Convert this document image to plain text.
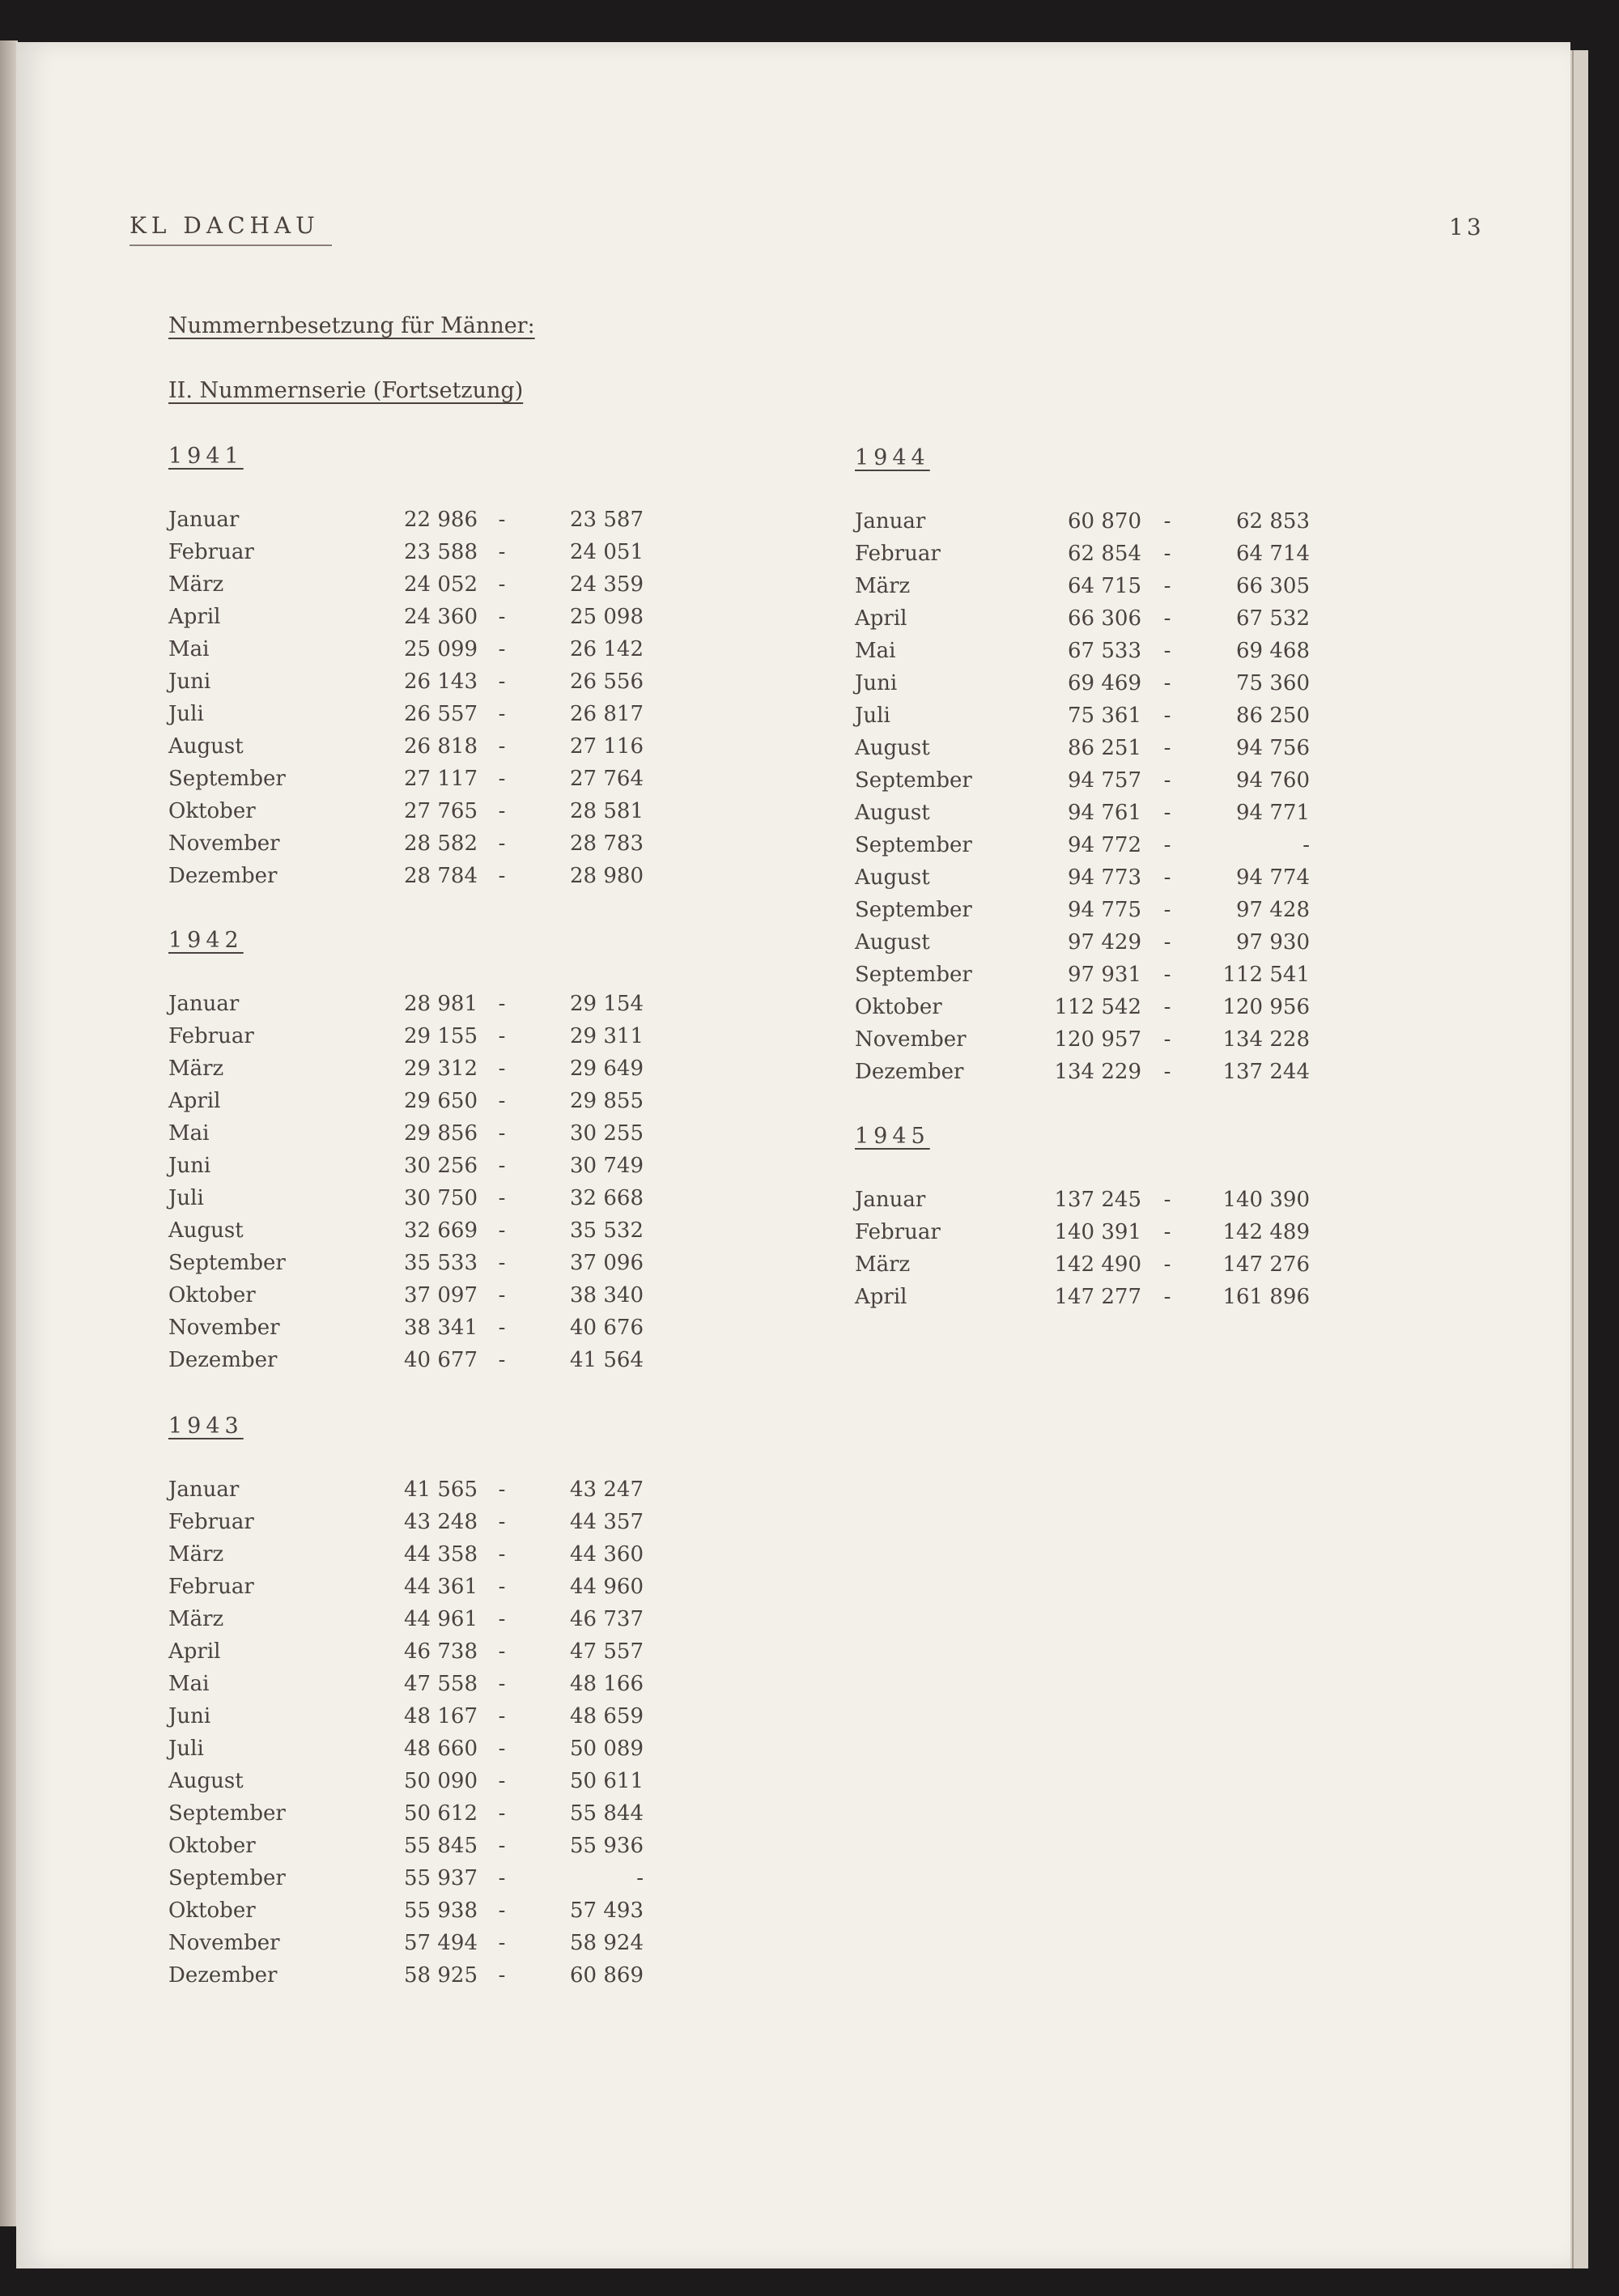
KL DACHAU	13
Nummernbesetzung für Männer:
II. Nummernserie (Fortsetzung)
1941
Januar	22 986 -	23 587
Februar	23 588 -	24 051
März	24 052 -	24 359
April	24 360 -	25 098
Mai	25 099 -	26 142
Juni	26 143 -	26 556
Juli	26 557 -	26 817
August	26 818 -	27 116
September	27 117 -	27 764
Oktober	27 765 -	28 581
November	28 582 -	28 783
Dezember	28 784 -	28 980
1942
Januar	28 981 -	29 154
Februar	29 155 -	29 311
März	29 312 -	29 649
April	29 650 -	29 855
Mai	29 856 -	30 255
Juni	30 256 -	30 749
Juli	30 750 -	32 668
August	32 669 -	35 532
September	35 533 -	37 096
Oktober	37 097 -	38 340
November	38 341 -	40 676
Dezember	40 677 -	41 564
1943
Januar	41 565 -	43 247
Februar	43 248 -	44 357
März	44 358 -	44 360
Februar	44 361 -	44 960
März	44 961 -	46 737
April	46 738 -	47 557
Mai	47 558 -	48 166
Juni	48 167 -	48 659
Juli	48 660 -	50 089
August	50 090 -	50 611
September	50 612 -	55 844
Oktober	55 845 -	55 936
September	55 937 -	-
Oktober	55 938 -	57 493
November	57 494 -	58 924
Dezember	58 925 -	60 869
1944
Januar	60 870 -	62 853
Februar	62 854 -	64 714
März	64 715 -	66 305
April	66 306 -	67 532
Mai	67 533 -	69 468
Juni	69 469 -	75 360
Juli	75 361 -	86 250
August	86 251 -	94 756
September	94 757 -	94 760
August	94 761 -	94 771
September	94 772 -	-
August	94 773 -	94 774
September	94 775 -	97 428
August	97 429 -	97 930
September	97 931 -	112 541
Oktober	112 542 -	120 956
November	120 957 -	134 228
Dezember	134 229 -	137 244
1945
Januar	137 245 -	140 390
Februar	140 391 -	142 489
März	142 490 -	147 276
April	147 277 -	161 896
